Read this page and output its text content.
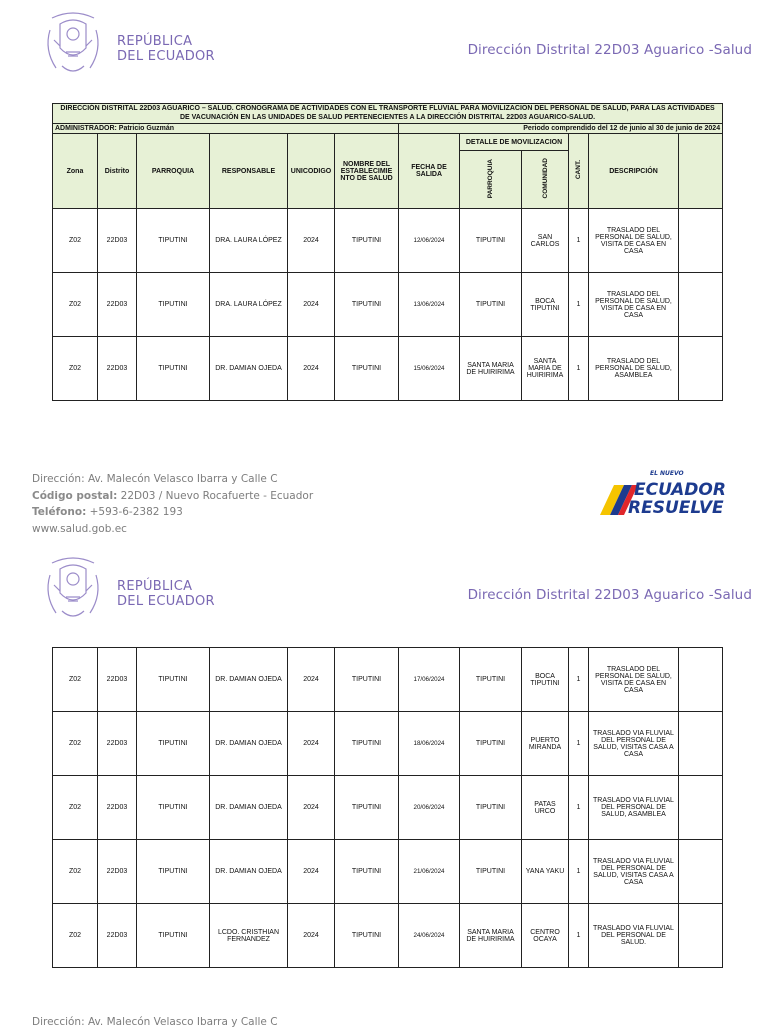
REPÚBLICA
DEL ECUADOR	Dirección Distrital 22D03 Aguarico -Salud
DIRECCIÓN DISTRITAL 22D03 AGUARICO – SALUD. CRONOGRAMA DE ACTIVIDADES CON EL TRANSPORTE FLUVIAL PARA MOVILIZACION DEL PERSONAL DE SALUD, PARA LAS ACTIVIDADES DE VACUNACIÓN EN LAS UNIDADES DE SALUD PERTENECIENTES A LA DIRECCIÓN DISTRITAL 22D03 AGUARICO-SALUD.											
ADMINISTRADOR: Patricio Guzmán						Periodo comprendido del 12 de junio al 30 de junio de 2024					
Zona	Distrito	PARROQUIA	RESPONSABLE	UNICODIGO	NOMBRE DEL ESTABLECIMIE NTO DE SALUD	FECHA DE SALIDA	DETALLE DE MOVILIZACION		CANT.	DESCRIPCIÓN	
							PARROQUIA	COMUNIDAD			
Z02	22D03	TIPUTINI	DRA. LAURA LÓPEZ	2024	TIPUTINI	12/06/2024	TIPUTINI	SAN CARLOS	1	TRASLADO DEL PERSONAL DE SALUD, VISITA DE CASA EN CASA	
Z02	22D03	TIPUTINI	DRA. LAURA LÓPEZ	2024	TIPUTINI	13/06/2024	TIPUTINI	BOCA TIPUTINI	1	TRASLADO DEL PERSONAL DE SALUD, VISITA DE CASA EN CASA	
Z02	22D03	TIPUTINI	DR. DAMIAN OJEDA	2024	TIPUTINI	15/06/2024	SANTA MARIA DE HUIRIRIMA	SANTA MARIA DE HUIRIRIMA	1	TRASLADO DEL PERSONAL DE SALUD, ASAMBLEA	
Dirección: Av. Malecón Velasco Ibarra y Calle C
Código postal: 22D03 / Nuevo Rocafuerte - Ecuador
Teléfono: +593-6-2382 193
www.salud.gob.ec
EL NUEVO
ECUADOR
RESUELVE
REPÚBLICA
DEL ECUADOR	Dirección Distrital 22D03 Aguarico -Salud
Z02	22D03	TIPUTINI	DR. DAMIAN OJEDA	2024	TIPUTINI	17/06/2024	TIPUTINI	BOCA TIPUTINI	1	TRASLADO DEL PERSONAL DE SALUD, VISITA DE CASA EN CASA	
Z02	22D03	TIPUTINI	DR. DAMIAN OJEDA	2024	TIPUTINI	18/06/2024	TIPUTINI	PUERTO MIRANDA	1	TRASLADO VIA FLUVIAL DEL PERSONAL DE SALUD, VISITAS CASA A CASA	
Z02	22D03	TIPUTINI	DR. DAMIAN OJEDA	2024	TIPUTINI	20/06/2024	TIPUTINI	PATAS URCO	1	TRASLADO VIA FLUVIAL DEL PERSONAL DE SALUD, ASAMBLEA	
Z02	22D03	TIPUTINI	DR. DAMIAN OJEDA	2024	TIPUTINI	21/06/2024	TIPUTINI	YANA YAKU	1	TRASLADO VIA FLUVIAL DEL PERSONAL DE SALUD, VISITAS CASA A CASA	
Z02	22D03	TIPUTINI	LCDO. CRISTHIAN FERNANDEZ	2024	TIPUTINI	24/06/2024	SANTA MARIA DE HUIRIRIMA	CENTRO OCAYA	1	TRASLADO VIA FLUVIAL DEL PERSONAL DE SALUD.	
Dirección: Av. Malecón Velasco Ibarra y Calle C
